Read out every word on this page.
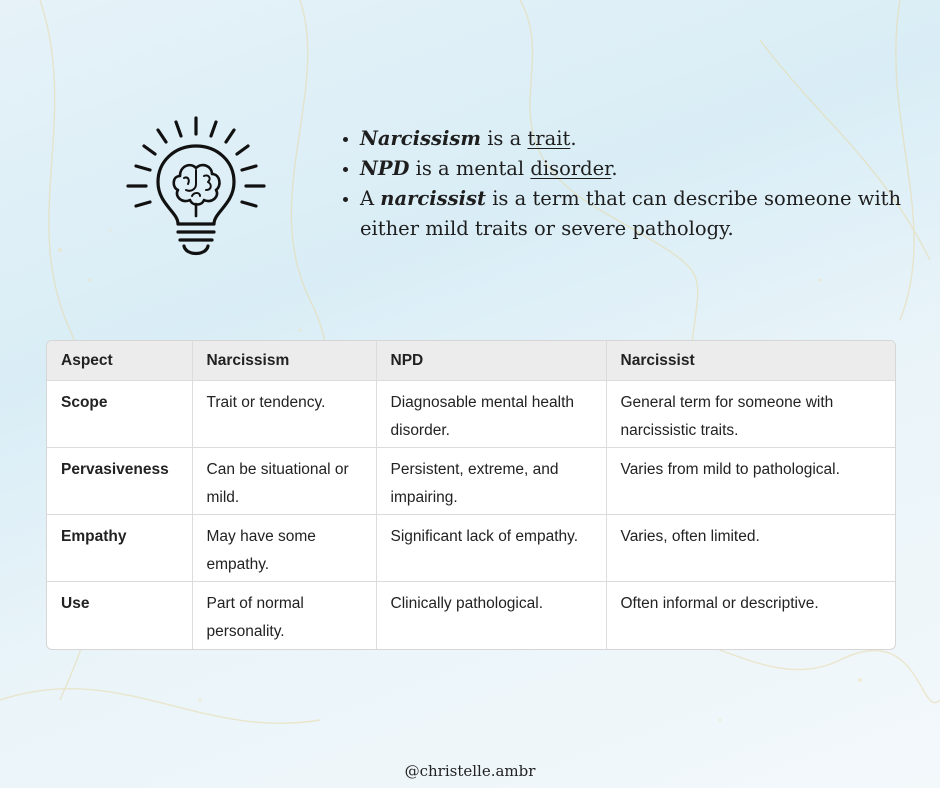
• Narcissism is a trait.
• NPD is a mental disorder.
• A narcissist is a term that can describe someone with either mild traits or severe pathology.
Aspect	Narcissism	NPD	Narcissist
Scope	Trait or tendency.	Diagnosable mental health disorder.	General term for someone with narcissistic traits.
Pervasiveness	Can be situational or mild.	Persistent, extreme, and impairing.	Varies from mild to pathological.
Empathy	May have some empathy.	Significant lack of empathy.	Varies, often limited.
Use	Part of normal personality.	Clinically pathological.	Often informal or descriptive.
@christelle.ambr
